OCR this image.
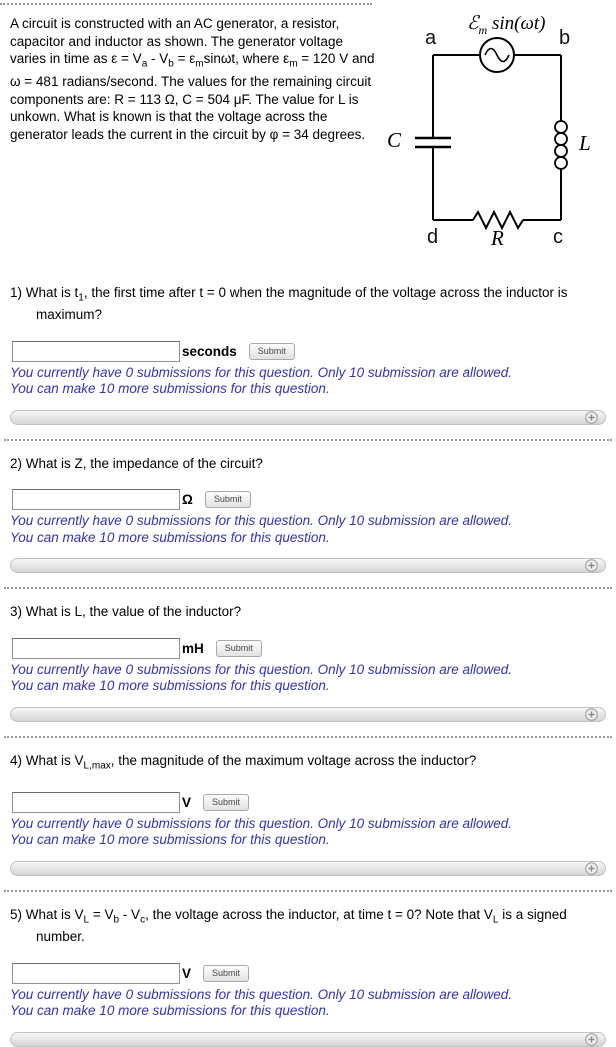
A circuit is constructed with an AC generator, a resistor, capacitor and inductor as shown. The generator voltage varies in time as $\varepsilon = V_a - V_b = \varepsilon_m\sin\omega t$, where $\varepsilon_m = 120$ V and ω = 481 radians/second. The values for the remaining circuit components are: R = 113 Ω, C = 504 μF. The value for L is unkown. What is known is that the voltage across the generator leads the current in the circuit by φ = 34 degrees.
ℰ$_m$ sin(ωt)
a	b
C	L
d	R c
1) What is $t_1$, the first time after t = 0 when the magnitude of the voltage across the inductor is maximum?
seconds	Submit
You currently have 0 submissions for this question. Only 10 submission are allowed.
You can make 10 more submissions for this question.
2) What is Z, the impedance of the circuit?
Ω	Submit
You currently have 0 submissions for this question. Only 10 submission are allowed.
You can make 10 more submissions for this question.
3) What is L, the value of the inductor?
mH	Submit
You currently have 0 submissions for this question. Only 10 submission are allowed.
You can make 10 more submissions for this question.
4) What is $V_{L,max}$, the magnitude of the maximum voltage across the inductor?
V	Submit
You currently have 0 submissions for this question. Only 10 submission are allowed.
You can make 10 more submissions for this question.
5) What is $V_L = V_b - V_c$, the voltage across the inductor, at time t = 0? Note that $V_L$ is a signed number.
V	Submit
You currently have 0 submissions for this question. Only 10 submission are allowed.
You can make 10 more submissions for this question.
